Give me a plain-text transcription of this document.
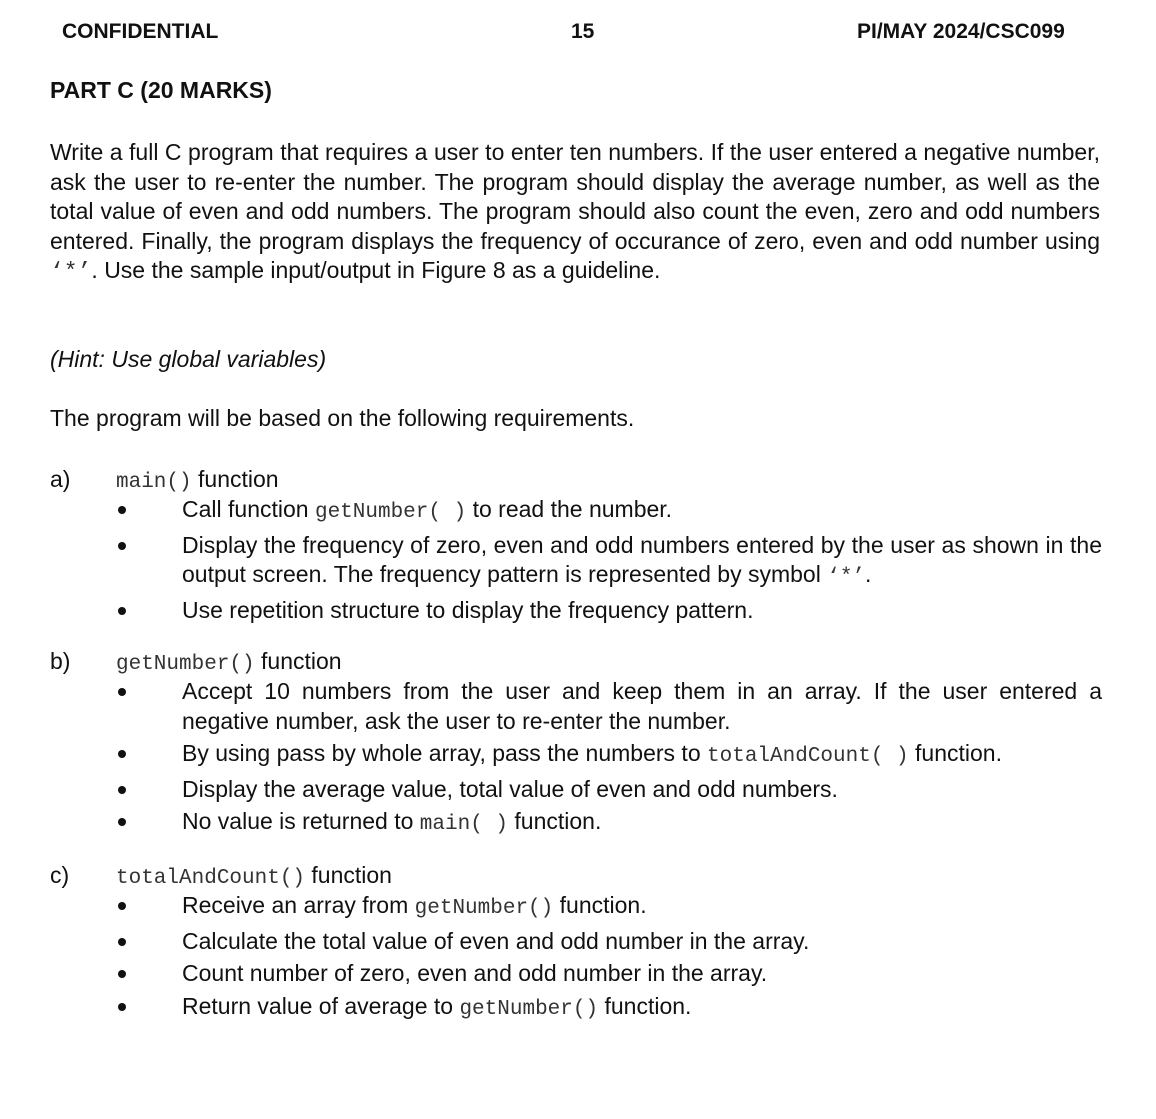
CONFIDENTIAL	15	PI/MAY 2024/CSC099
PART C (20 MARKS)
Write a full C program that requires a user to enter ten numbers. If the user entered a negative number, ask the user to re-enter the number. The program should display the average number, as well as the total value of even and odd numbers. The program should also count the even, zero and odd numbers entered. Finally, the program displays the frequency of occurance of zero, even and odd number using ‘*’. Use the sample input/output in Figure 8 as a guideline.
(Hint: Use global variables)
The program will be based on the following requirements.
a) main() function
Call function getNumber( ) to read the number.
Display the frequency of zero, even and odd numbers entered by the user as shown in the output screen. The frequency pattern is represented by symbol ‘*’.
Use repetition structure to display the frequency pattern.
b) getNumber() function
Accept 10 numbers from the user and keep them in an array. If the user entered a negative number, ask the user to re-enter the number.
By using pass by whole array, pass the numbers to totalAndCount( ) function.
Display the average value, total value of even and odd numbers.
No value is returned to main( ) function.
c) totalAndCount() function
Receive an array from getNumber() function.
Calculate the total value of even and odd number in the array.
Count number of zero, even and odd number in the array.
Return value of average to getNumber() function.
